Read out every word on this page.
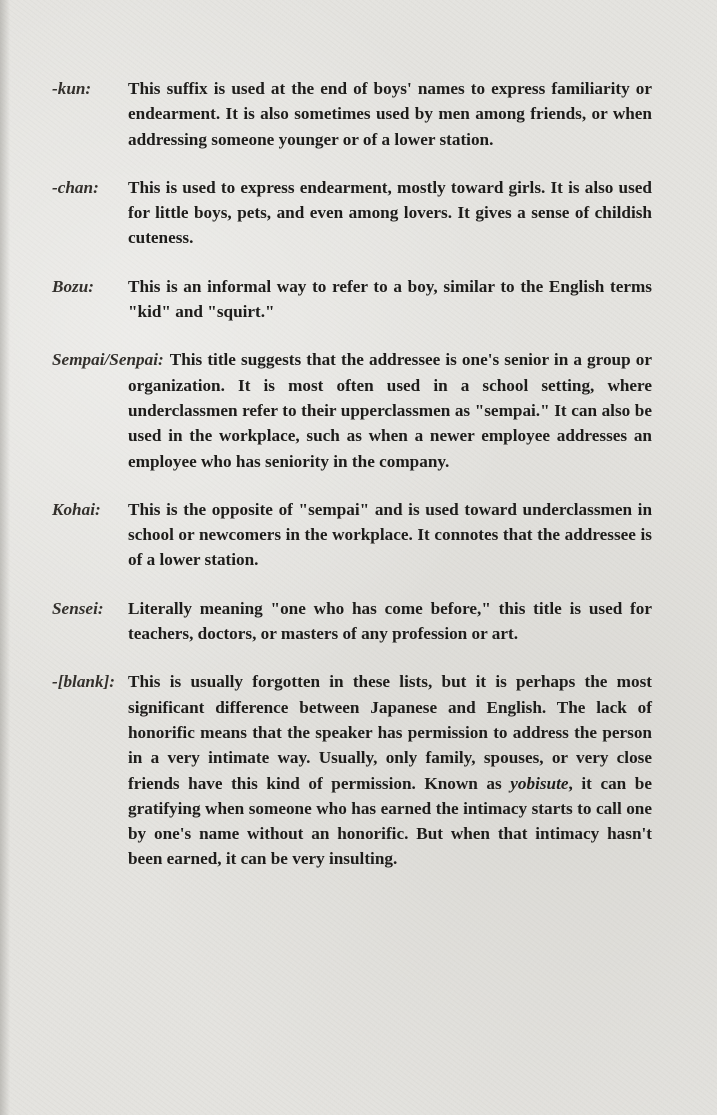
-kun: This suffix is used at the end of boys' names to express familiarity or endearment. It is also sometimes used by men among friends, or when addressing someone younger or of a lower station.
-chan: This is used to express endearment, mostly toward girls. It is also used for little boys, pets, and even among lovers. It gives a sense of childish cuteness.
Bozu: This is an informal way to refer to a boy, similar to the English terms "kid" and "squirt."
Sempai/Senpai: This title suggests that the addressee is one's senior in a group or organization. It is most often used in a school setting, where underclassmen refer to their upperclassmen as "sempai." It can also be used in the workplace, such as when a newer employee addresses an employee who has seniority in the company.
Kohai: This is the opposite of "sempai" and is used toward underclassmen in school or newcomers in the workplace. It connotes that the addressee is of a lower station.
Sensei: Literally meaning "one who has come before," this title is used for teachers, doctors, or masters of any profession or art.
-[blank]: This is usually forgotten in these lists, but it is perhaps the most significant difference between Japanese and English. The lack of honorific means that the speaker has permission to address the person in a very intimate way. Usually, only family, spouses, or very close friends have this kind of permission. Known as yobisute, it can be gratifying when someone who has earned the intimacy starts to call one by one's name without an honorific. But when that intimacy hasn't been earned, it can be very insulting.
